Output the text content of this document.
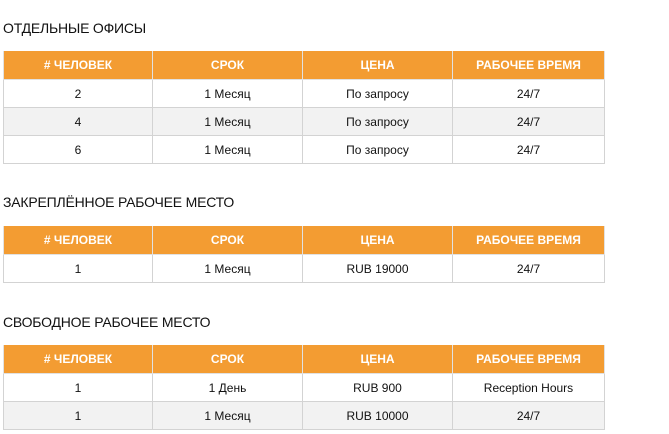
ОТДЕЛЬНЫЕ ОФИСЫ
# ЧЕЛОВЕК	СРОК	ЦЕНА	РАБОЧЕЕ ВРЕМЯ
2	1 Месяц	По запросу	24/7
4	1 Месяц	По запросу	24/7
6	1 Месяц	По запросу	24/7
ЗАКРЕПЛЁННОЕ РАБОЧЕЕ МЕСТО
# ЧЕЛОВЕК	СРОК	ЦЕНА	РАБОЧЕЕ ВРЕМЯ
1	1 Месяц	RUB 19000	24/7
СВОБОДНОЕ РАБОЧЕЕ МЕСТО
# ЧЕЛОВЕК	СРОК	ЦЕНА	РАБОЧЕЕ ВРЕМЯ
1	1 День	RUB 900	Reception Hours
1	1 Месяц	RUB 10000	24/7
